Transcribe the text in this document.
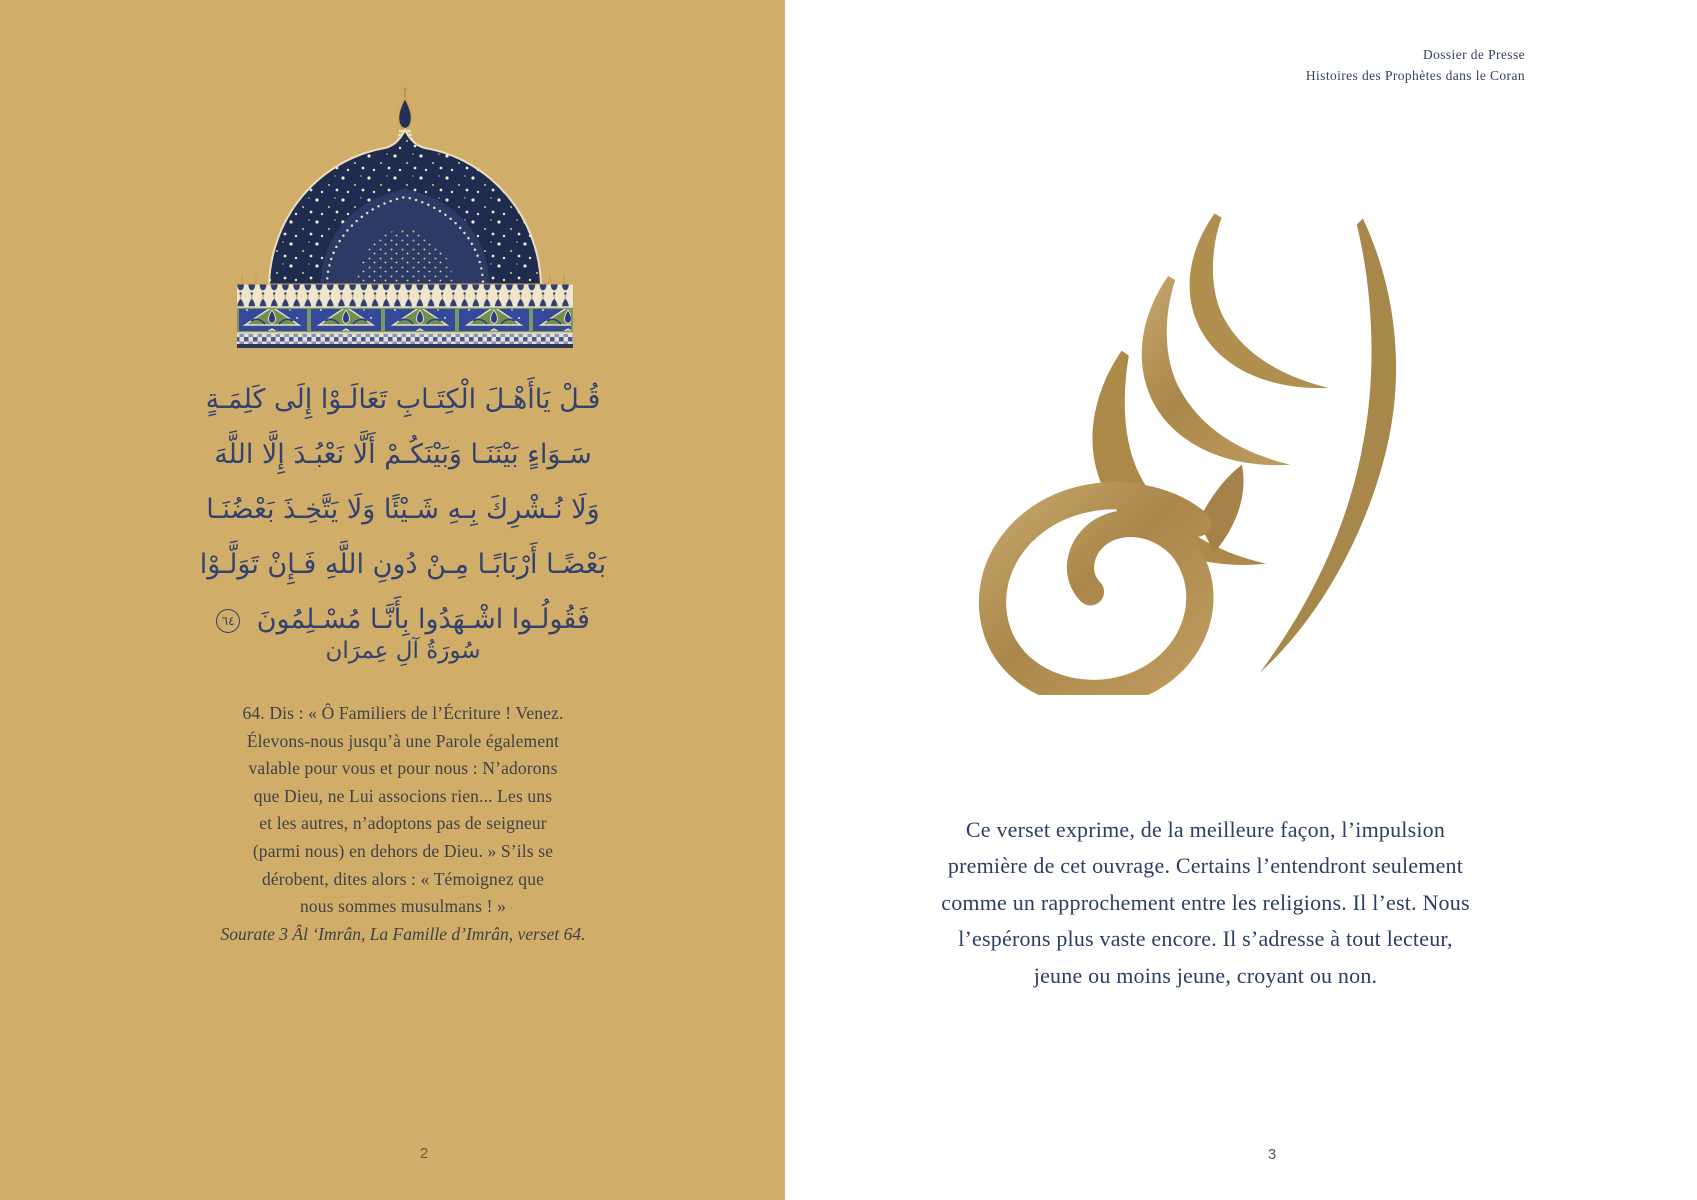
Dossier de Presse
Histoires des Prophètes dans le Coran
قُـلْ يَاأَهْـلَ الْكِتَـابِ تَعَالَـوْا إِلَى كَلِمَـةٍ
سَـوَاءٍ بَيْنَنَـا وَبَيْنَكُـمْ أَلَّا نَعْبُـدَ إِلَّا اللَّهَ
وَلَا نُـشْرِكَ بِـهِ شَـيْئًا وَلَا يَتَّخِـذَ بَعْضُنَـا
بَعْضًـا أَرْبَابًـا مِـنْ دُونِ اللَّهِ فَـإِنْ تَوَلَّـوْا
فَقُولُـوا اشْـهَدُوا بِأَنَّـا مُسْـلِمُونَ ٦٤
سُورَةُ آلِ عِمرَان
64. Dis : « Ô Familiers de l’Écriture ! Venez.
Élevons-nous jusqu’à une Parole également
valable pour vous et pour nous : N’adorons
que Dieu, ne Lui associons rien... Les uns
et les autres, n’adoptons pas de seigneur
(parmi nous) en dehors de Dieu. » S’ils se
dérobent, dites alors : « Témoignez que
nous sommes musulmans ! »
Sourate 3 Âl ‘Imrân, La Famille d’Imrân, verset 64.
2
Ce verset exprime, de la meilleure façon, l’impulsion
première de cet ouvrage. Certains l’entendront seulement
comme un rapprochement entre les religions. Il l’est. Nous
l’espérons plus vaste encore. Il s’adresse à tout lecteur,
jeune ou moins jeune, croyant ou non.
3
